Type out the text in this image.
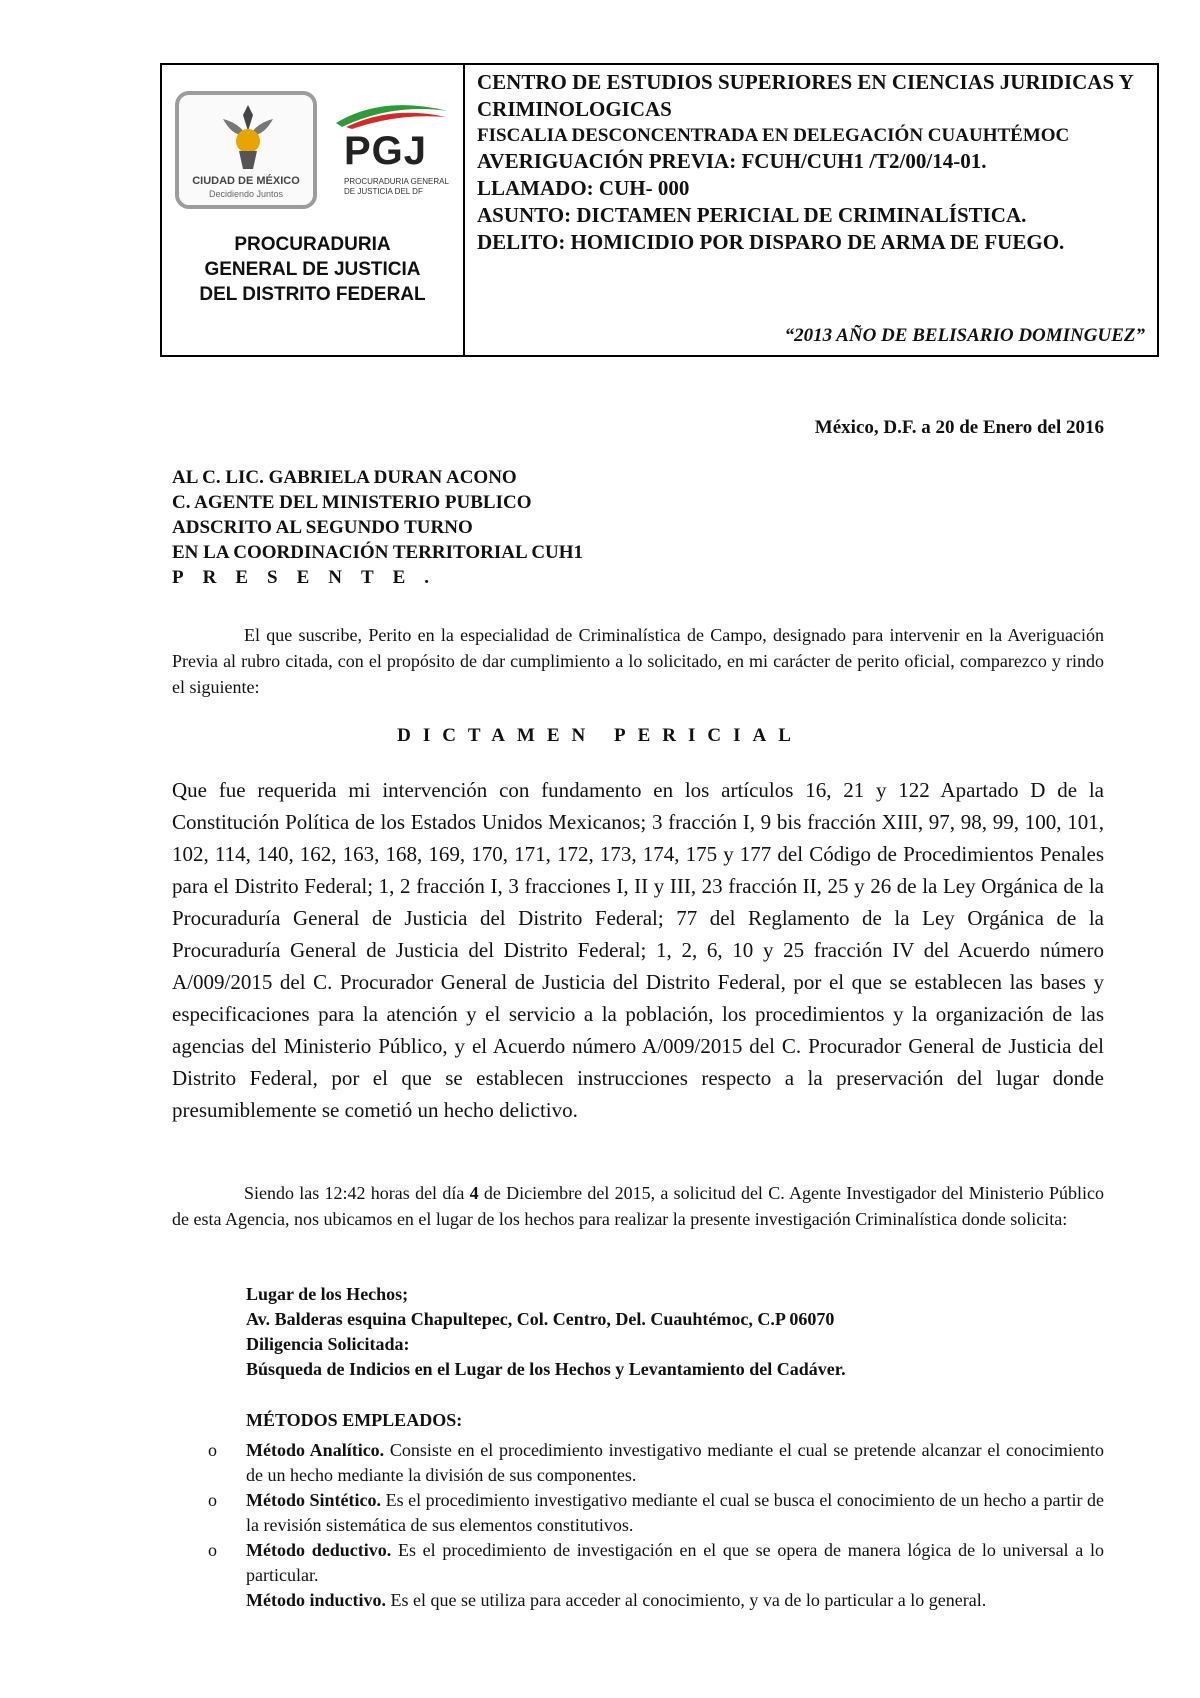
CIUDAD DE MÉXICO
Decidiendo Juntos
PGJ
PROCURADURIA GENERAL DE JUSTICIA DEL DF
PROCURADURIA
GENERAL DE JUSTICIA
DEL DISTRITO FEDERAL
CENTRO DE ESTUDIOS SUPERIORES EN CIENCIAS JURIDICAS Y CRIMINOLOGICAS
FISCALIA DESCONCENTRADA EN DELEGACIÓN CUAUHTÉMOC
AVERIGUACIÓN PREVIA: FCUH/CUH1 /T2/00/14-01.
LLAMADO: CUH- 000
ASUNTO: DICTAMEN PERICIAL DE CRIMINALÍSTICA.
DELITO: HOMICIDIO POR DISPARO DE ARMA DE FUEGO.
“2013 AÑO DE BELISARIO DOMINGUEZ”
México, D.F. a 20 de Enero del 2016
AL C. LIC. GABRIELA DURAN ACONO
C. AGENTE DEL MINISTERIO PUBLICO
ADSCRITO AL SEGUNDO TURNO
EN LA COORDINACIÓN TERRITORIAL CUH1
PRESENTE.
El que suscribe, Perito en la especialidad de Criminalística de Campo, designado para intervenir en la Averiguación Previa al rubro citada, con el propósito de dar cumplimiento a lo solicitado, en mi carácter de perito oficial, comparezco y rindo el siguiente:
DICTAMEN PERICIAL
Que fue requerida mi intervención con fundamento en los artículos 16, 21 y 122 Apartado D de la Constitución Política de los Estados Unidos Mexicanos; 3 fracción I, 9 bis fracción XIII, 97, 98, 99, 100, 101, 102, 114, 140, 162, 163, 168, 169, 170, 171, 172, 173, 174, 175 y 177 del Código de Procedimientos Penales para el Distrito Federal; 1, 2 fracción I, 3 fracciones I, II y III, 23 fracción II, 25 y 26 de la Ley Orgánica de la Procuraduría General de Justicia del Distrito Federal; 77 del Reglamento de la Ley Orgánica de la Procuraduría General de Justicia del Distrito Federal; 1, 2, 6, 10 y 25 fracción IV del Acuerdo número A/009/2015 del C. Procurador General de Justicia del Distrito Federal, por el que se establecen las bases y especificaciones para la atención y el servicio a la población, los procedimientos y la organización de las agencias del Ministerio Público, y el Acuerdo número A/009/2015 del C. Procurador General de Justicia del Distrito Federal, por el que se establecen instrucciones respecto a la preservación del lugar donde presumiblemente se cometió un hecho delictivo.
Siendo las 12:42 horas del día 4 de Diciembre del 2015, a solicitud del C. Agente Investigador del Ministerio Público de esta Agencia, nos ubicamos en el lugar de los hechos para realizar la presente investigación Criminalística donde solicita:
Lugar de los Hechos;
Av. Balderas esquina Chapultepec, Col. Centro, Del. Cuauhtémoc, C.P 06070
Diligencia Solicitada:
Búsqueda de Indicios en el Lugar de los Hechos y Levantamiento del Cadáver.
MÉTODOS EMPLEADOS:
o Método Analítico. Consiste en el procedimiento investigativo mediante el cual se pretende alcanzar el conocimiento de un hecho mediante la división de sus componentes.
o Método Sintético. Es el procedimiento investigativo mediante el cual se busca el conocimiento de un hecho a partir de la revisión sistemática de sus elementos constitutivos.
o Método deductivo. Es el procedimiento de investigación en el que se opera de manera lógica de lo universal a lo particular.
Método inductivo. Es el que se utiliza para acceder al conocimiento, y va de lo particular a lo general.
